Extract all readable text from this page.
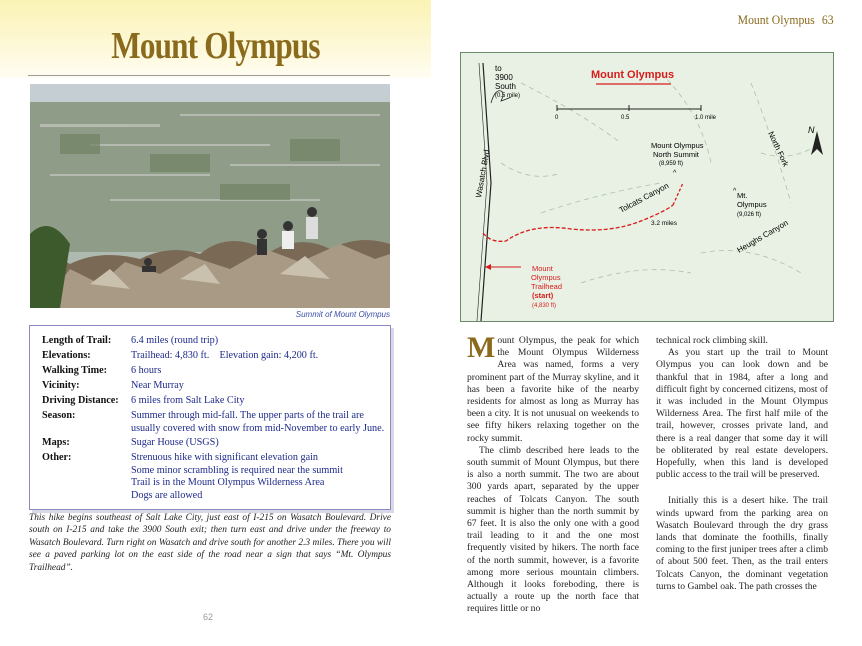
Mount Olympus
Summit of Mount Olympus
Length of Trail:	6.4 miles (round trip)
Elevations:	Trailhead: 4,830 ft.    Elevation gain: 4,200 ft.
Walking Time:	6 hours
Vicinity:	Near Murray
Driving Distance:	6 miles from Salt Lake City
Season:	Summer through mid-fall. The upper parts of the trail are usually covered with snow from mid-November to early June.
Maps:	Sugar House (USGS)
Other:	Strenuous hike with significant elevation gain
Some minor scrambling is required near the summit
Trail is in the Mount Olympus Wilderness Area
Dogs are allowed
This hike begins southeast of Salt Lake City, just east of I-215 on Wasatch Boulevard. Drive south on I-215 and take the 3900 South exit; then turn east and drive under the freeway to Wasatch Boulevard. Turn right on Wasatch and drive south for another 2.3 miles. There you will see a paved parking lot on the east side of the road near a sign that says “Mt. Olympus Trailhead”.
62
Mount Olympus 63
0	0.5	1.0 mile
Mount Olympus
to
3900
South
(0.5 mile)
Wasatch Blvd
Mount Olympus
North Summit
(8,959 ft)
^
^ Mt.
Olympus
(9,026 ft)
Tolcats Canyon
Heughs Canyon
North Fork
3.2 miles
N
Mount
Olympus
Trailhead
(start)
(4,830 ft)

Mount Olympus, the peak for which the Mount Olympus Wilderness Area was named, forms a very prominent part of the Murray skyline, and it has been a favorite hike of the nearby residents for almost as long as Murray has been a city. It is not unusual on weekends to see fifty hikers relaxing together on the rocky summit.

The climb described here leads to the south summit of Mount Olympus, but there is also a north summit. The two are about 300 yards apart, separated by the upper reaches of Tolcats Canyon. The south summit is higher than the north summit by 67 feet. It is also the only one with a good trail leading to it and the one most frequently visited by hikers. The north face of the north summit, however, is a favorite among more serious mountain climbers. Although it looks foreboding, there is actually a route up the north face that requires little or no

technical rock climbing skill.

As you start up the trail to Mount Olympus you can look down and be thankful that in 1984, after a long and difficult fight by concerned citizens, most of it was included in the Mount Olympus Wilderness Area. The first half mile of the trail, however, crosses private land, and there is a real danger that some day it will be obliterated by real estate developers. Hopefully, when this land is developed public access to the trail will be preserved.

Initially this is a desert hike. The trail winds upward from the parking area on Wasatch Boulevard through the dry grass lands that dominate the foothills, finally coming to the first juniper trees after a climb of about 500 feet. Then, as the trail enters Tolcats Canyon, the dominant vegetation turns to Gambel oak. The path crosses the
